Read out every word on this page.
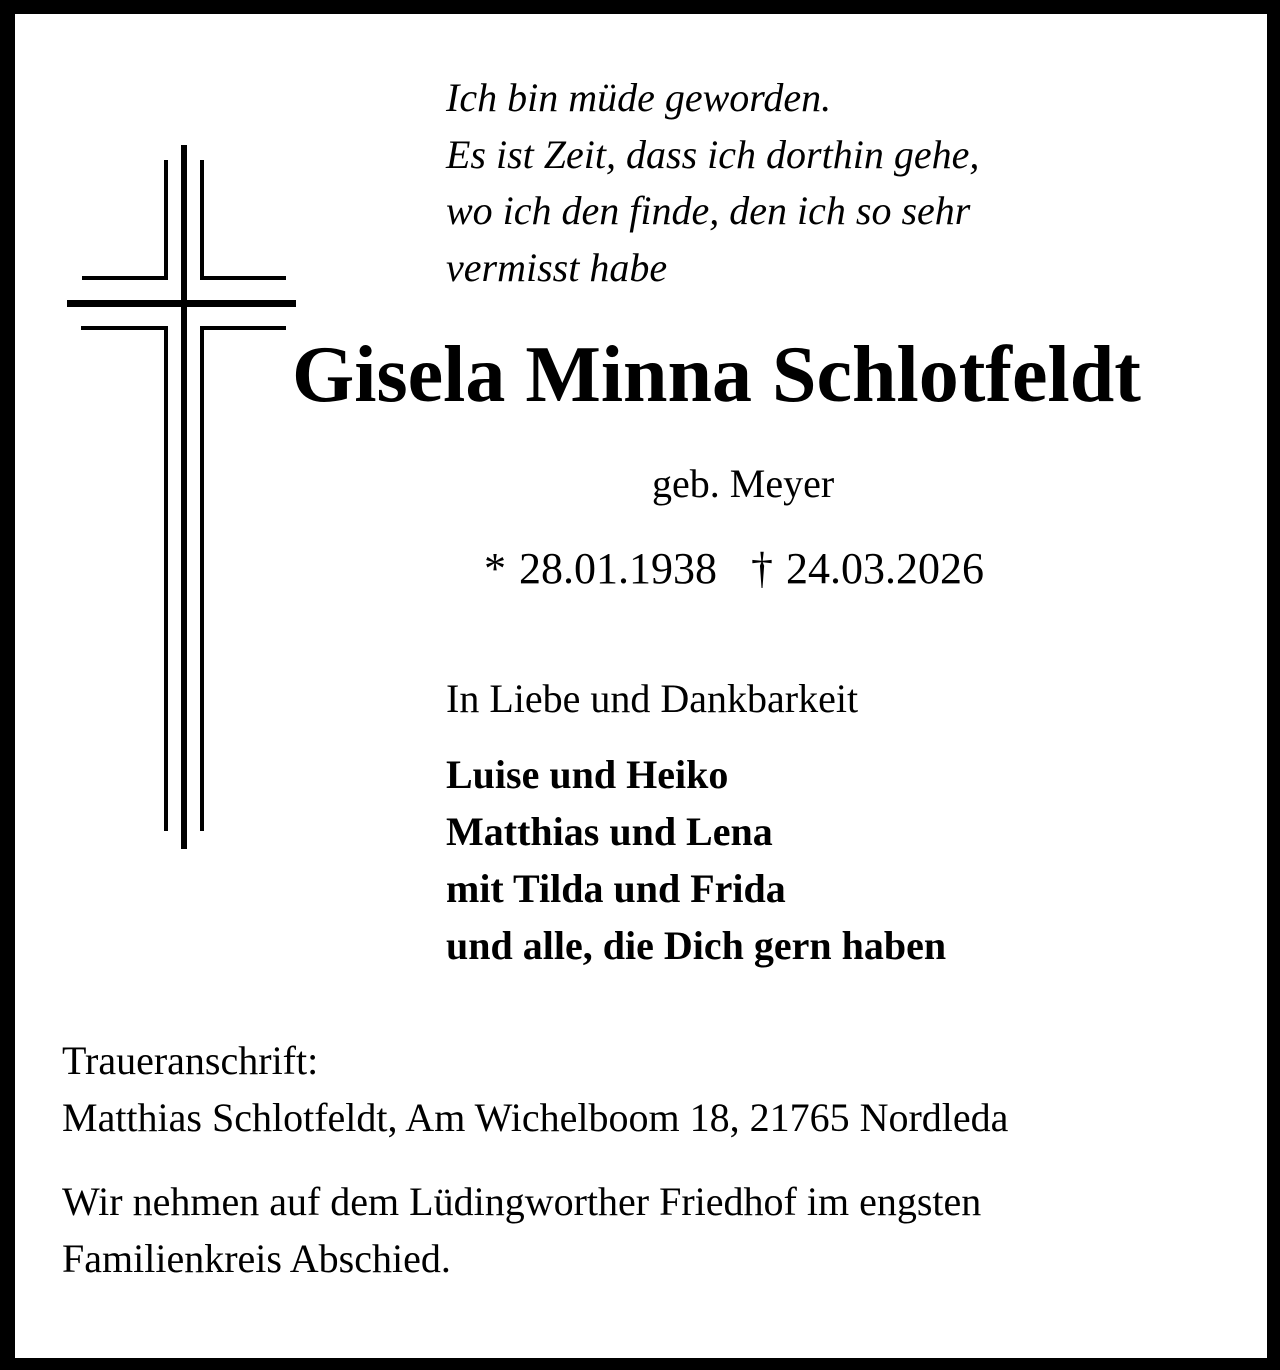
Ich bin müde geworden.
Es ist Zeit, dass ich dorthin gehe,
wo ich den finde, den ich so sehr
vermisst habe
Gisela Minna Schlotfeldt
geb. Meyer
* 28.01.1938 † 24.03.2026
In Liebe und Dankbarkeit
Luise und Heiko
Matthias und Lena
mit Tilda und Frida
und alle, die Dich gern haben
Traueranschrift:
Matthias Schlotfeldt, Am Wichelboom 18, 21765 Nordleda
Wir nehmen auf dem Lüdingworther Friedhof im engsten
Familienkreis Abschied.
